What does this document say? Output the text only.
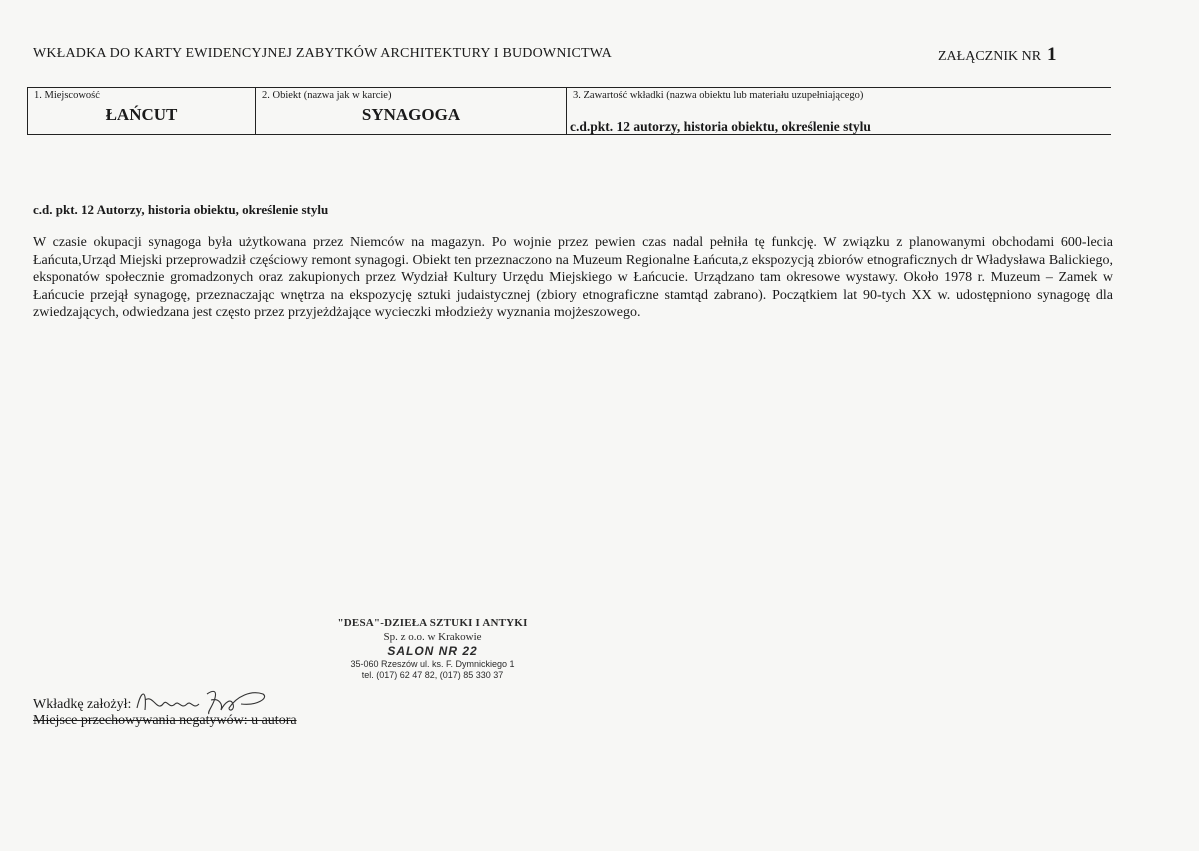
WKŁADKA DO KARTY EWIDENCYJNEJ ZABYTKÓW ARCHITEKTURY I BUDOWNICTWA	ZAŁĄCZNIK NR 1
1. Miejscowość
ŁAŃCUT
2. Obiekt (nazwa jak w karcie)
SYNAGOGA
3. Zawartość wkładki (nazwa obiektu lub materiału uzupełniającego)
c.d.pkt. 12 autorzy, historia obiektu, określenie stylu
c.d. pkt. 12 Autorzy, historia obiektu, określenie stylu
W czasie okupacji synagoga była użytkowana przez Niemców na magazyn. Po wojnie przez pewien czas nadal pełniła tę funkcję. W związku z planowanymi obchodami 600-lecia Łańcuta,Urząd Miejski przeprowadził częściowy remont synagogi. Obiekt ten przeznaczono na Muzeum Regionalne Łańcuta,z ekspozycją zbiorów etnograficznych dr Władysława Balickiego, eksponatów społecznie gromadzonych oraz zakupionych przez Wydział Kultury Urzędu Miejskiego w Łańcucie. Urządzano tam okresowe wystawy. Około 1978 r. Muzeum – Zamek w Łańcucie przejął synagogę, przeznaczając wnętrza na ekspozycję sztuki judaistycznej (zbiory etnograficzne stamtąd zabrano). Początkiem lat 90-tych XX w. udostępniono synagogę dla zwiedzających, odwiedzana jest często przez przyjeżdżające wycieczki młodzieży wyznania mojżeszowego.
"DESA"-DZIEŁA SZTUKI I ANTYKI
Sp. z o.o. w Krakowie
SALON NR 22
35-060 Rzeszów ul. ks. F. Dymnickiego 1
tel. (017) 62 47 82, (017) 85 330 37
Wkładkę założył:
Miejsce przechowywania negatywów: u autora
